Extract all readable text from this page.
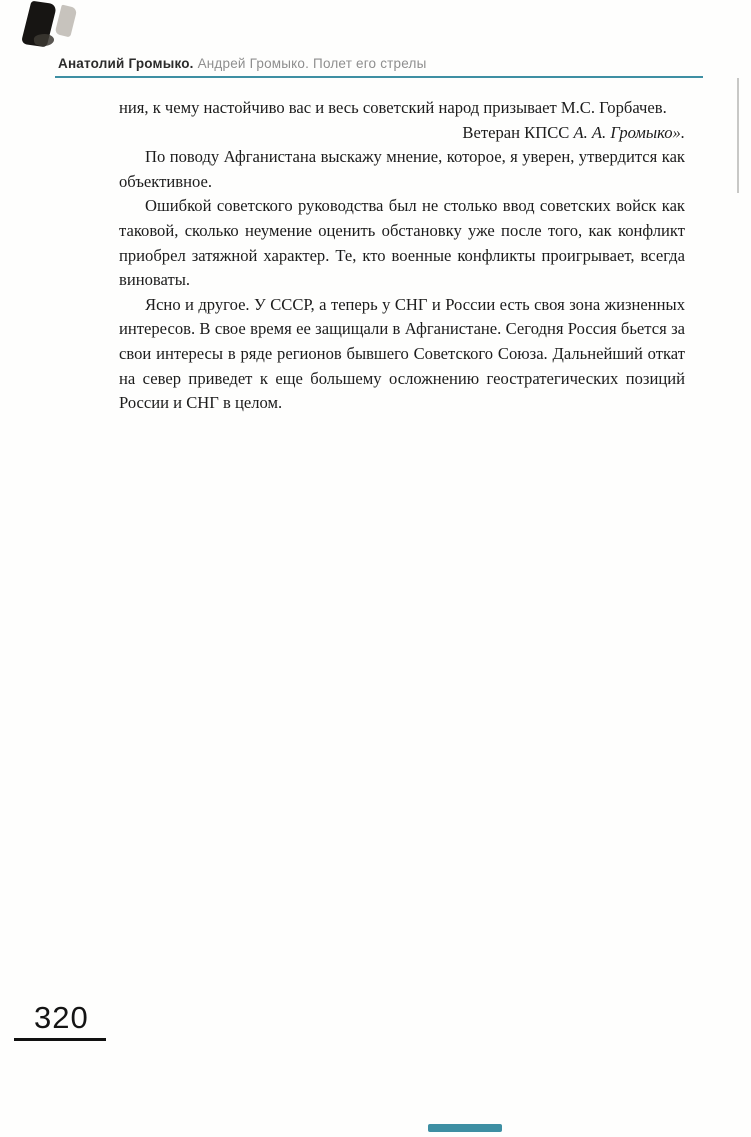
Анатолий Громыко. Андрей Громыко. Полет его стрелы

ния, к чему настойчиво вас и весь советский народ призывает М.С. Горбачев.

Ветеран КПСС А. А. Громыко».

По поводу Афганистана выскажу мнение, которое, я уверен, утвердится как объективное.

Ошибкой советского руководства был не столько ввод советских войск как таковой, сколько неумение оценить обстановку уже после того, как конфликт приобрел затяжной характер. Те, кто военные конфликты проигрывает, всегда виноваты.

Ясно и другое. У СССР, а теперь у СНГ и России есть своя зона жизненных интересов. В свое время ее защищали в Афганистане. Сегодня Россия бьется за свои интересы в ряде регионов бывшего Советского Союза. Дальнейший откат на север приведет к еще большему осложнению геостратегических позиций России и СНГ в целом.

320
